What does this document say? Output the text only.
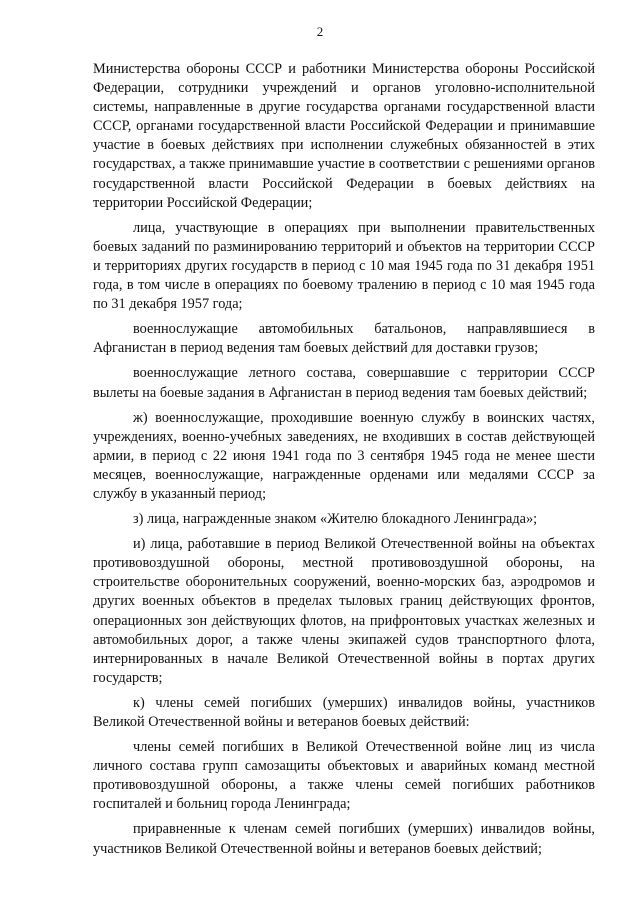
2

Министерства обороны СССР и работники Министерства обороны Российской Федерации, сотрудники учреждений и органов уголовно-исполнительной системы, направленные в другие государства органами государственной власти СССР, органами государственной власти Российской Федерации и принимавшие участие в боевых действиях при исполнении служебных обязанностей в этих государствах, а также принимавшие участие в соответствии с решениями органов государственной власти Российской Федерации в боевых действиях на территории Российской Федерации;

лица, участвующие в операциях при выполнении правительственных боевых заданий по разминированию территорий и объектов на территории СССР и территориях других государств в период с 10 мая 1945 года по 31 декабря 1951 года, в том числе в операциях по боевому тралению в период с 10 мая 1945 года по 31 декабря 1957 года;

военнослужащие автомобильных батальонов, направлявшиеся в Афганистан в период ведения там боевых действий для доставки грузов;

военнослужащие летного состава, совершавшие с территории СССР вылеты на боевые задания в Афганистан в период ведения там боевых действий;

ж) военнослужащие, проходившие военную службу в воинских частях, учреждениях, военно-учебных заведениях, не входивших в состав действующей армии, в период с 22 июня 1941 года по 3 сентября 1945 года не менее шести месяцев, военнослужащие, награжденные орденами или медалями СССР за службу в указанный период;

з) лица, награжденные знаком «Жителю блокадного Ленинграда»;

и) лица, работавшие в период Великой Отечественной войны на объектах противовоздушной обороны, местной противовоздушной обороны, на строительстве оборонительных сооружений, военно-морских баз, аэродромов и других военных объектов в пределах тыловых границ действующих фронтов, операционных зон действующих флотов, на прифронтовых участках железных и автомобильных дорог, а также члены экипажей судов транспортного флота, интернированных в начале Великой Отечественной войны в портах других государств;

к) члены семей погибших (умерших) инвалидов войны, участников Великой Отечественной войны и ветеранов боевых действий:

члены семей погибших в Великой Отечественной войне лиц из числа личного состава групп самозащиты объектовых и аварийных команд местной противовоздушной обороны, а также члены семей погибших работников госпиталей и больниц города Ленинграда;

приравненные к членам семей погибших (умерших) инвалидов войны, участников Великой Отечественной войны и ветеранов боевых действий;
